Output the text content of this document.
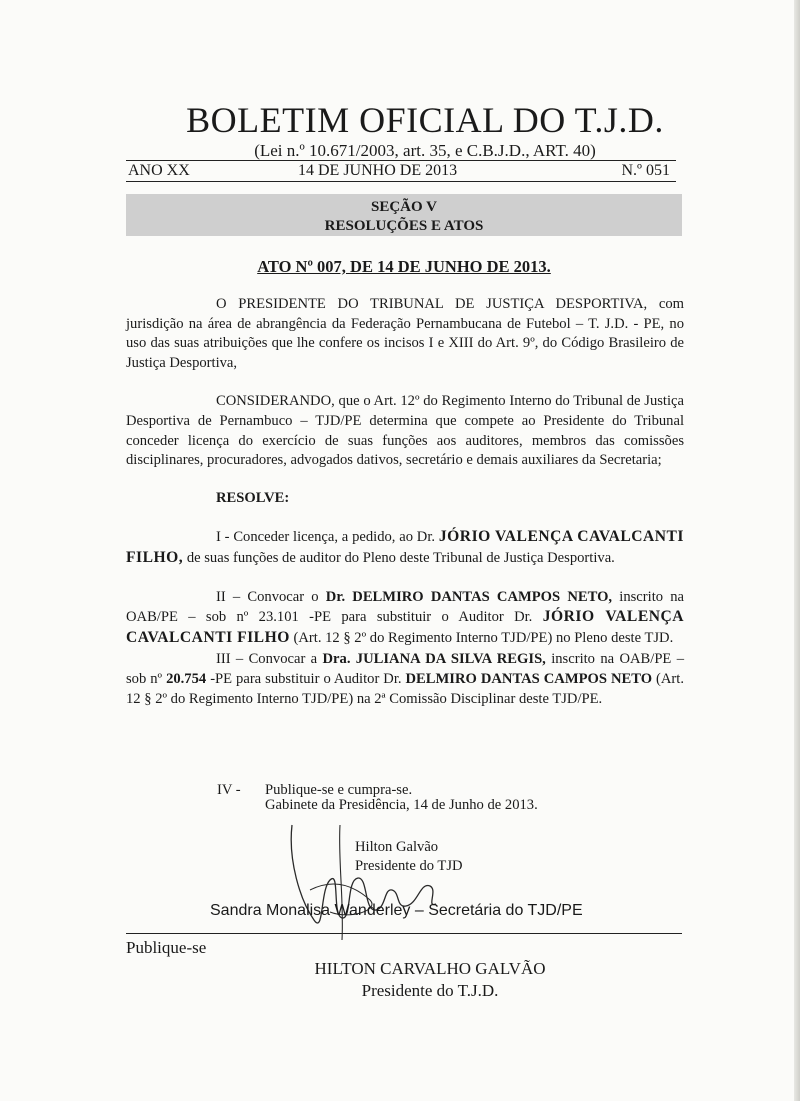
BOLETIM OFICIAL DO T.J.D.
(Lei n.º 10.671/2003, art. 35, e C.B.J.D., ART. 40)
ANO XX	14 DE JUNHO DE 2013	N.º 051
SEÇÃO V
RESOLUÇÕES E ATOS
ATO Nº 007, DE 14 DE JUNHO DE 2013.

O PRESIDENTE DO TRIBUNAL DE JUSTIÇA DESPORTIVA, com jurisdição na área de abrangência da Federação Pernambucana de Futebol – T. J.D. - PE, no uso das suas atribuições que lhe confere os incisos I e XIII do Art. 9º, do Código Brasileiro de Justiça Desportiva,

CONSIDERANDO, que o Art. 12º do Regimento Interno do Tribunal de Justiça Desportiva de Pernambuco – TJD/PE determina que compete ao Presidente do Tribunal conceder licença do exercício de suas funções aos auditores, membros das comissões disciplinares, procuradores, advogados dativos, secretário e demais auxiliares da Secretaria;

RESOLVE:

I - Conceder licença, a pedido, ao Dr. JÓRIO VALENÇA CAVALCANTI FILHO, de suas funções de auditor do Pleno deste Tribunal de Justiça Desportiva.

II – Convocar o Dr. DELMIRO DANTAS CAMPOS NETO, inscrito na OAB/PE – sob nº 23.101 -PE para substituir o Auditor Dr. JÓRIO VALENÇA CAVALCANTI FILHO (Art. 12 § 2º do Regimento Interno TJD/PE) no Pleno deste TJD.

III – Convocar a Dra. JULIANA DA SILVA REGIS, inscrito na OAB/PE – sob nº 20.754 -PE para substituir o Auditor Dr. DELMIRO DANTAS CAMPOS NETO (Art. 12 § 2º do Regimento Interno TJD/PE) na 2ª Comissão Disciplinar deste TJD/PE.

IV -	Publique-se e cumpra-se.
Gabinete da Presidência, 14 de Junho de 2013.
Hilton Galvão
Presidente do TJD
Sandra Monalisa Wanderley – Secretária do TJD/PE
Publique-se
HILTON CARVALHO GALVÃO
Presidente do T.J.D.
